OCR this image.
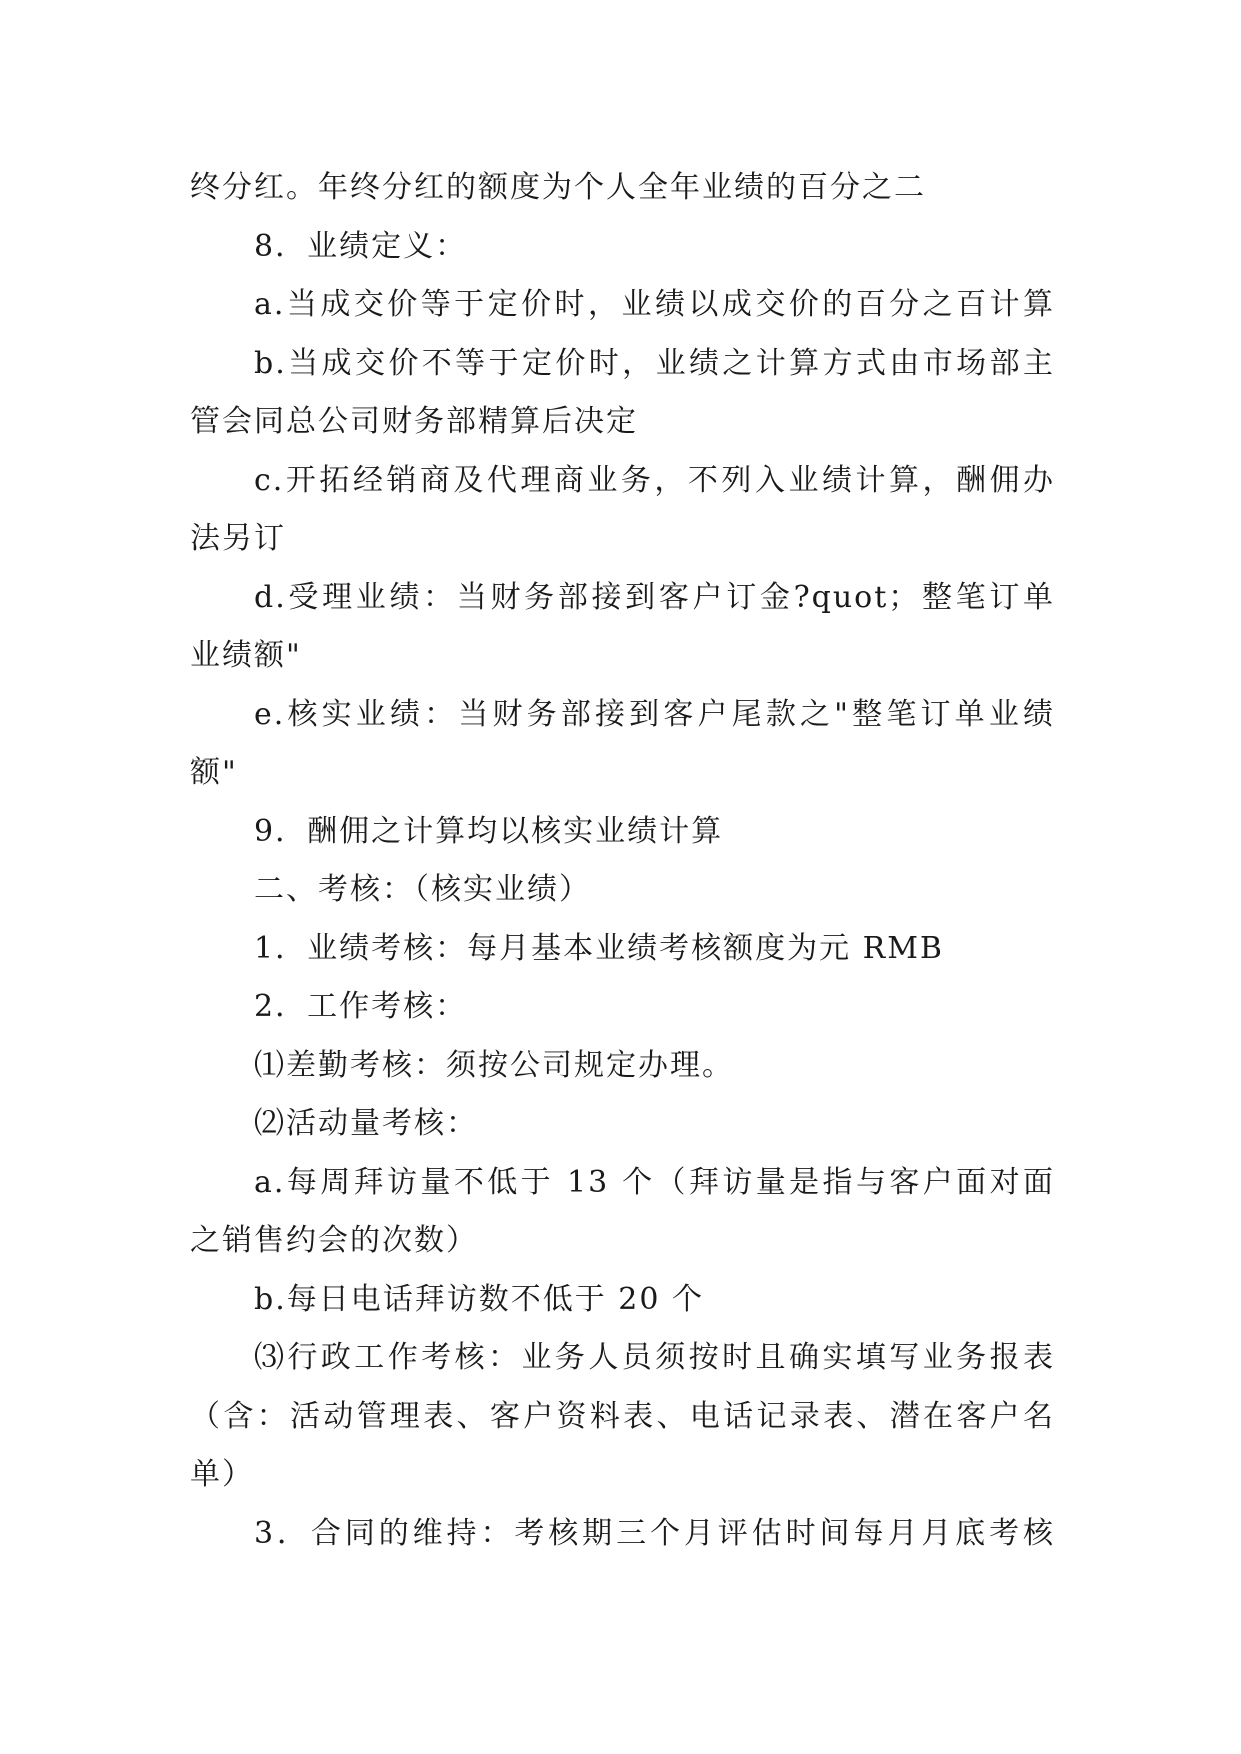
终分红。年终分红的额度为个人全年业绩的百分之二

8．业绩定义：

a.当成交价等于定价时，业绩以成交价的百分之百计算

b.当成交价不等于定价时，业绩之计算方式由市场部主

管会同总公司财务部精算后决定

c.开拓经销商及代理商业务，不列入业绩计算，酬佣办

法另订

d.受理业绩：当财务部接到客户订金?quot；整笔订单

业绩额"

e.核实业绩：当财务部接到客户尾款之"整笔订单业绩

额"

9．酬佣之计算均以核实业绩计算

二、考核：（核实业绩）

1．业绩考核：每月基本业绩考核额度为元 RMB

2．工作考核：

⑴差勤考核：须按公司规定办理。

⑵活动量考核：

a.每周拜访量不低于 13 个（拜访量是指与客户面对面

之销售约会的次数）

b.每日电话拜访数不低于 20 个

⑶行政工作考核：业务人员须按时且确实填写业务报表

（含：活动管理表、客户资料表、电话记录表、潜在客户名

单）

3．合同的维持：考核期三个月评估时间每月月底考核
